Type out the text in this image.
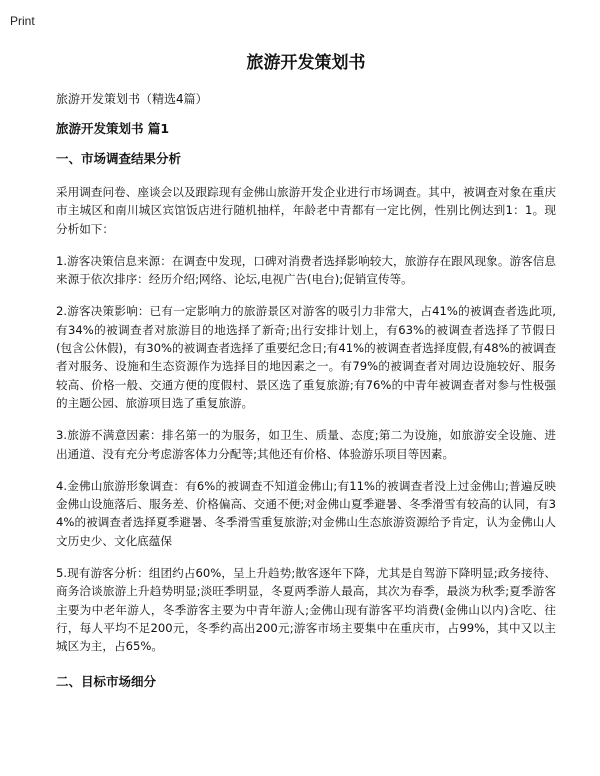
Print
旅游开发策划书
旅游开发策划书（精选4篇）
旅游开发策划书 篇1
一、市场调查结果分析
采用调查问卷、座谈会以及跟踪现有金佛山旅游开发企业进行市场调查。其中，被调查对象在重庆市主城区和南川城区宾馆饭店进行随机抽样，年龄老中青都有一定比例，性别比例达到1：1。现分析如下：
1.游客决策信息来源：在调查中发现，口碑对消费者选择影响较大，旅游存在跟风现象。游客信息来源于依次排序：经历介绍;网络、论坛,电视广告(电台);促销宣传等。
2.游客决策影响：已有一定影响力的旅游景区对游客的吸引力非常大，占41%的被调查者选此项,有34%的被调查者对旅游目的地选择了新奇;出行安排计划上，有63%的被调查者选择了节假日(包含公休假)，有30%的被调查者选择了重要纪念日;有41%的被调查者选择度假,有48%的被调查者对服务、设施和生态资源作为选择目的地因素之一。有79%的被调查者对周边设施较好、服务较高、价格一般、交通方便的度假村、景区选了重复旅游;有76%的中青年被调查者对参与性极强的主题公园、旅游项目选了重复旅游。
3.旅游不满意因素：排名第一的为服务，如卫生、质量、态度;第二为设施，如旅游安全设施、进出通道、没有充分考虑游客体力分配等;其他还有价格、体验游乐项目等因素。
4.金佛山旅游形象调查：有6%的被调查不知道金佛山;有11%的被调查者没上过金佛山;普遍反映金佛山设施落后、服务差、价格偏高、交通不便;对金佛山夏季避暑、冬季滑雪有较高的认同，有34%的被调查者选择夏季避暑、冬季滑雪重复旅游;对金佛山生态旅游资源给予肯定，认为金佛山人文历史少、文化底蕴保
5.现有游客分析：组团约占60%，呈上升趋势;散客逐年下降，尤其是自驾游下降明显;政务接待、商务洽谈旅游上升趋势明显;淡旺季明显，冬夏两季游人最高，其次为春季，最淡为秋季;夏季游客主要为中老年游人，冬季游客主要为中青年游人;金佛山现有游客平均消费(金佛山以内)含吃、往行，每人平均不足200元，冬季约高出200元;游客市场主要集中在重庆市，占99%，其中又以主城区为主，占65%。
二、目标市场细分
